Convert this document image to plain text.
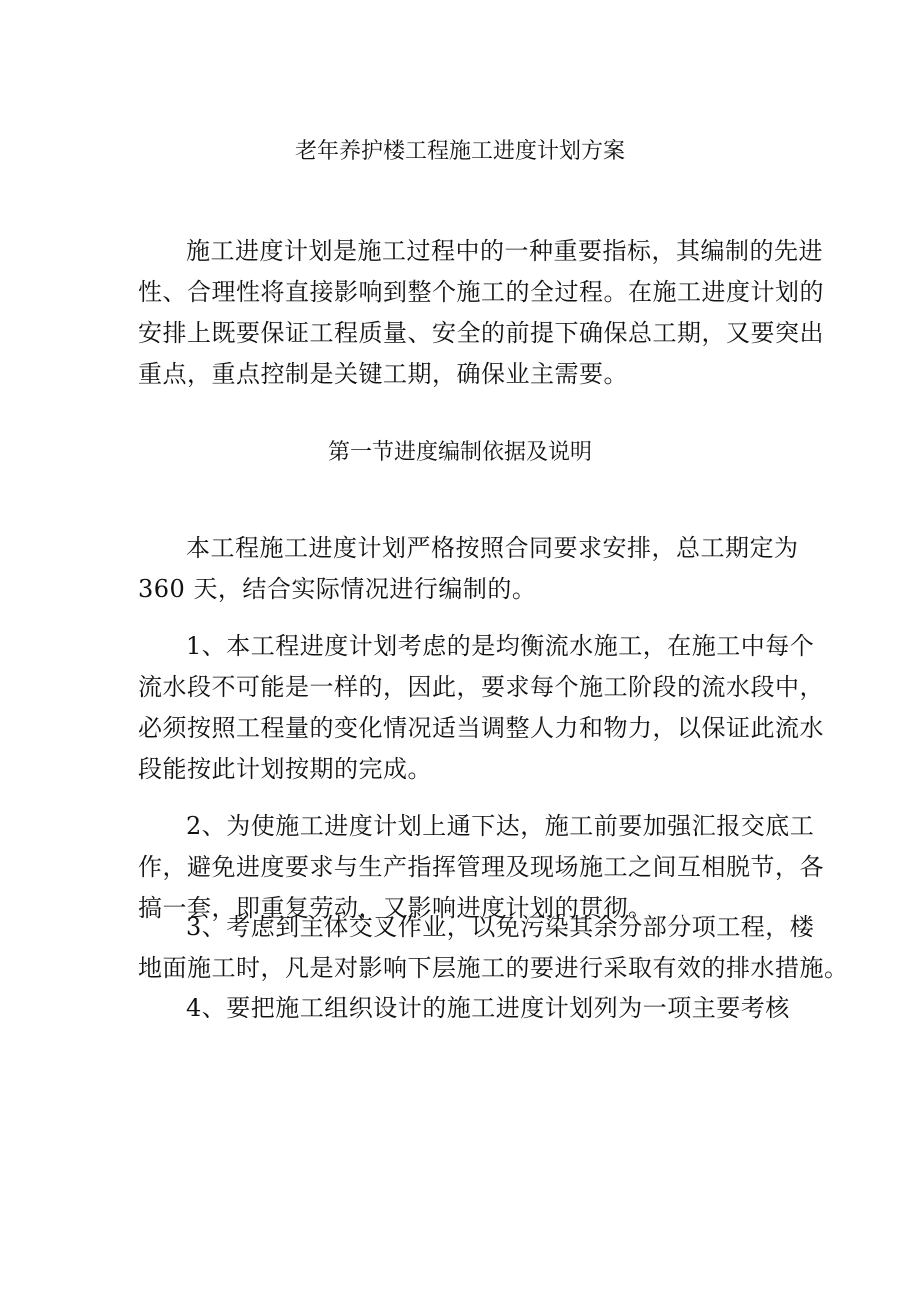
老年养护楼工程施工进度计划方案
施工进度计划是施工过程中的一种重要指标，其编制的先进
性、合理性将直接影响到整个施工的全过程。在施工进度计划的
安排上既要保证工程质量、安全的前提下确保总工期，又要突出
重点，重点控制是关键工期，确保业主需要。
第一节进度编制依据及说明
本工程施工进度计划严格按照合同要求安排，总工期定为
360 天，结合实际情况进行编制的。
1、本工程进度计划考虑的是均衡流水施工，在施工中每个
流水段不可能是一样的，因此，要求每个施工阶段的流水段中，
必须按照工程量的变化情况适当调整人力和物力，以保证此流水
段能按此计划按期的完成。
2、为使施工进度计划上通下达，施工前要加强汇报交底工
作，避免进度要求与生产指挥管理及现场施工之间互相脱节，各
搞一套，即重复劳动，又影响进度计划的贯彻。
3、考虑到主体交叉作业，以免污染其余分部分项工程，楼
地面施工时，凡是对影响下层施工的要进行采取有效的排水措施。
4、要把施工组织设计的施工进度计划列为一项主要考核
